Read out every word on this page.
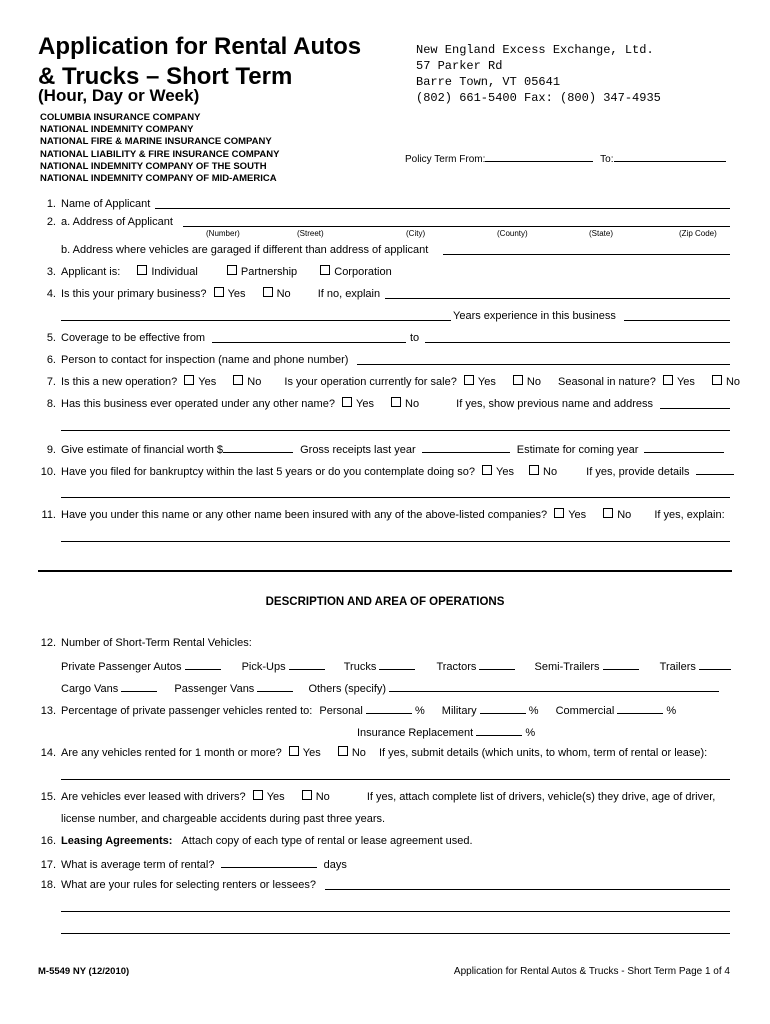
Application for Rental Autos
& Trucks – Short Term
(Hour, Day or Week)
New England Excess Exchange, Ltd.
57 Parker Rd
Barre Town, VT 05641
(802) 661-5400 Fax: (800) 347-4935
COLUMBIA INSURANCE COMPANY
NATIONAL INDEMNITY COMPANY
NATIONAL FIRE & MARINE INSURANCE COMPANY
NATIONAL LIABILITY & FIRE INSURANCE COMPANY
NATIONAL INDEMNITY COMPANY OF THE SOUTH
NATIONAL INDEMNITY COMPANY OF MID-AMERICA
Policy Term From:	To:
1. Name of Applicant
2. a. Address of Applicant
(Number)	(Street)	(City)	(County)	(State)	(Zip Code)
b. Address where vehicles are garaged if different than address of applicant
3. Applicant is:	Individual	Partnership	Corporation
4. Is this your primary business? Yes	No If no, explain
Years experience in this business
5. Coverage to be effective from	to
6. Person to contact for inspection (name and phone number)
7. Is this a new operation? Yes	No Is your operation currently for sale? Yes	No Seasonal in nature? Yes	No
8. Has this business ever operated under any other name? Yes	No	If yes, show previous name and address
9. Give estimate of financial worth $	Gross receipts last year	Estimate for coming year
10. Have you filed for bankruptcy within the last 5 years or do you contemplate doing so? Yes	No	If yes, provide details
11. Have you under this name or any other name been insured with any of the above-listed companies? Yes	No If yes, explain:
DESCRIPTION AND AREA OF OPERATIONS
12. Number of Short-Term Rental Vehicles:
Private Passenger Autos	Pick-Ups	Trucks	Tractors	Semi-Trailers	Trailers
Cargo Vans	Passenger Vans	Others (specify)
13. Percentage of private passenger vehicles rented to: Personal	% Military	% Commercial	%
Insurance Replacement	%
14. Are any vehicles rented for 1 month or more? Yes	No If yes, submit details (which units, to whom, term of rental or lease):
15. Are vehicles ever leased with drivers? Yes	No	If yes, attach complete list of drivers, vehicle(s) they drive, age of driver,
license number, and chargeable accidents during past three years.
16. Leasing Agreements: Attach copy of each type of rental or lease agreement used.
17. What is average term of rental?	days
18. What are your rules for selecting renters or lessees?
M-5549 NY (12/2010)	Application for Rental Autos & Trucks - Short Term Page 1 of 4
